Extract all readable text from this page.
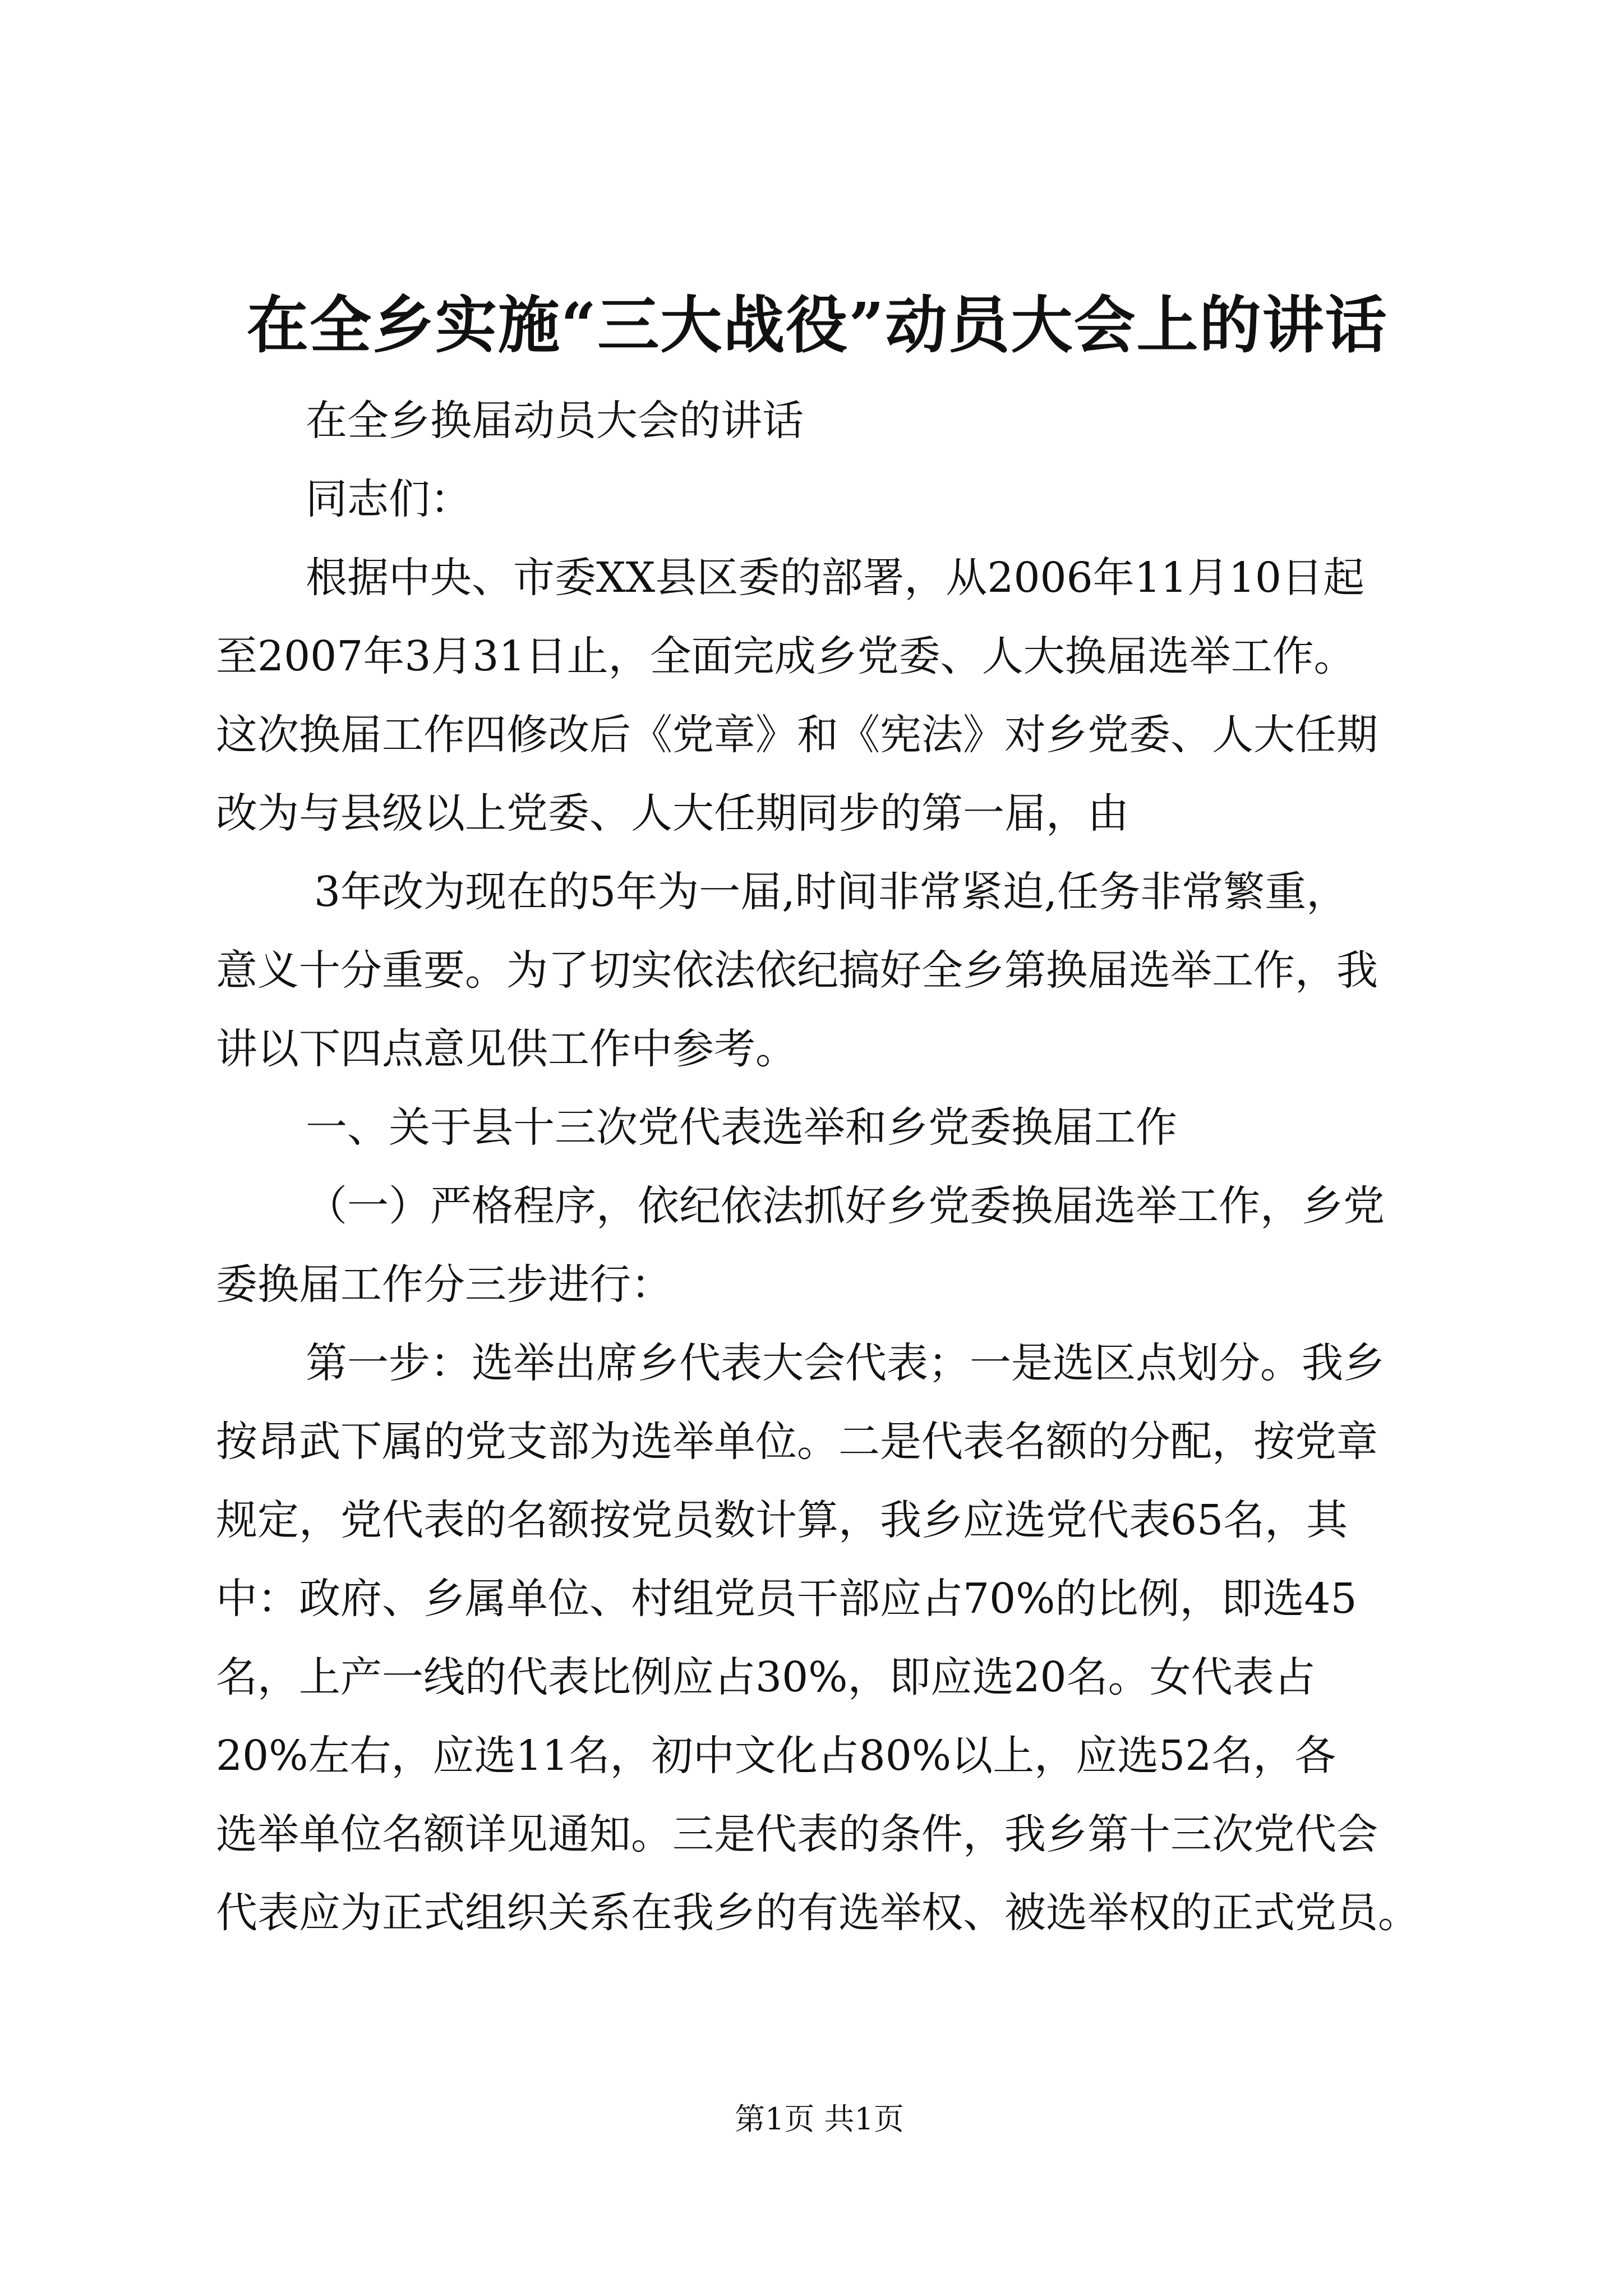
在全乡实施“三大战役”动员大会上的讲话
在全乡换届动员大会的讲话
同志们：
根据中央、市委XX县区委的部署，从2006年11月10日起
至2007年3月31日止，全面完成乡党委、人大换届选举工作。
这次换届工作四修改后《党章》和《宪法》对乡党委、人大任期
改为与县级以上党委、人大任期同步的第一届，由
3年改为现在的5年为一届,时间非常紧迫,任务非常繁重，
意义十分重要。为了切实依法依纪搞好全乡第换届选举工作，我
讲以下四点意见供工作中参考。
一、关于县十三次党代表选举和乡党委换届工作
（一）严格程序，依纪依法抓好乡党委换届选举工作，乡党
委换届工作分三步进行：
第一步：选举出席乡代表大会代表；一是选区点划分。我乡
按昂武下属的党支部为选举单位。二是代表名额的分配，按党章
规定，党代表的名额按党员数计算，我乡应选党代表65名，其
中：政府、乡属单位、村组党员干部应占70%的比例，即选45
名，上产一线的代表比例应占30%，即应选20名。女代表占
20%左右，应选11名，初中文化占80%以上，应选52名，各
选举单位名额详见通知。三是代表的条件，我乡第十三次党代会
代表应为正式组织关系在我乡的有选举权、被选举权的正式党员。
第1页 共1页
